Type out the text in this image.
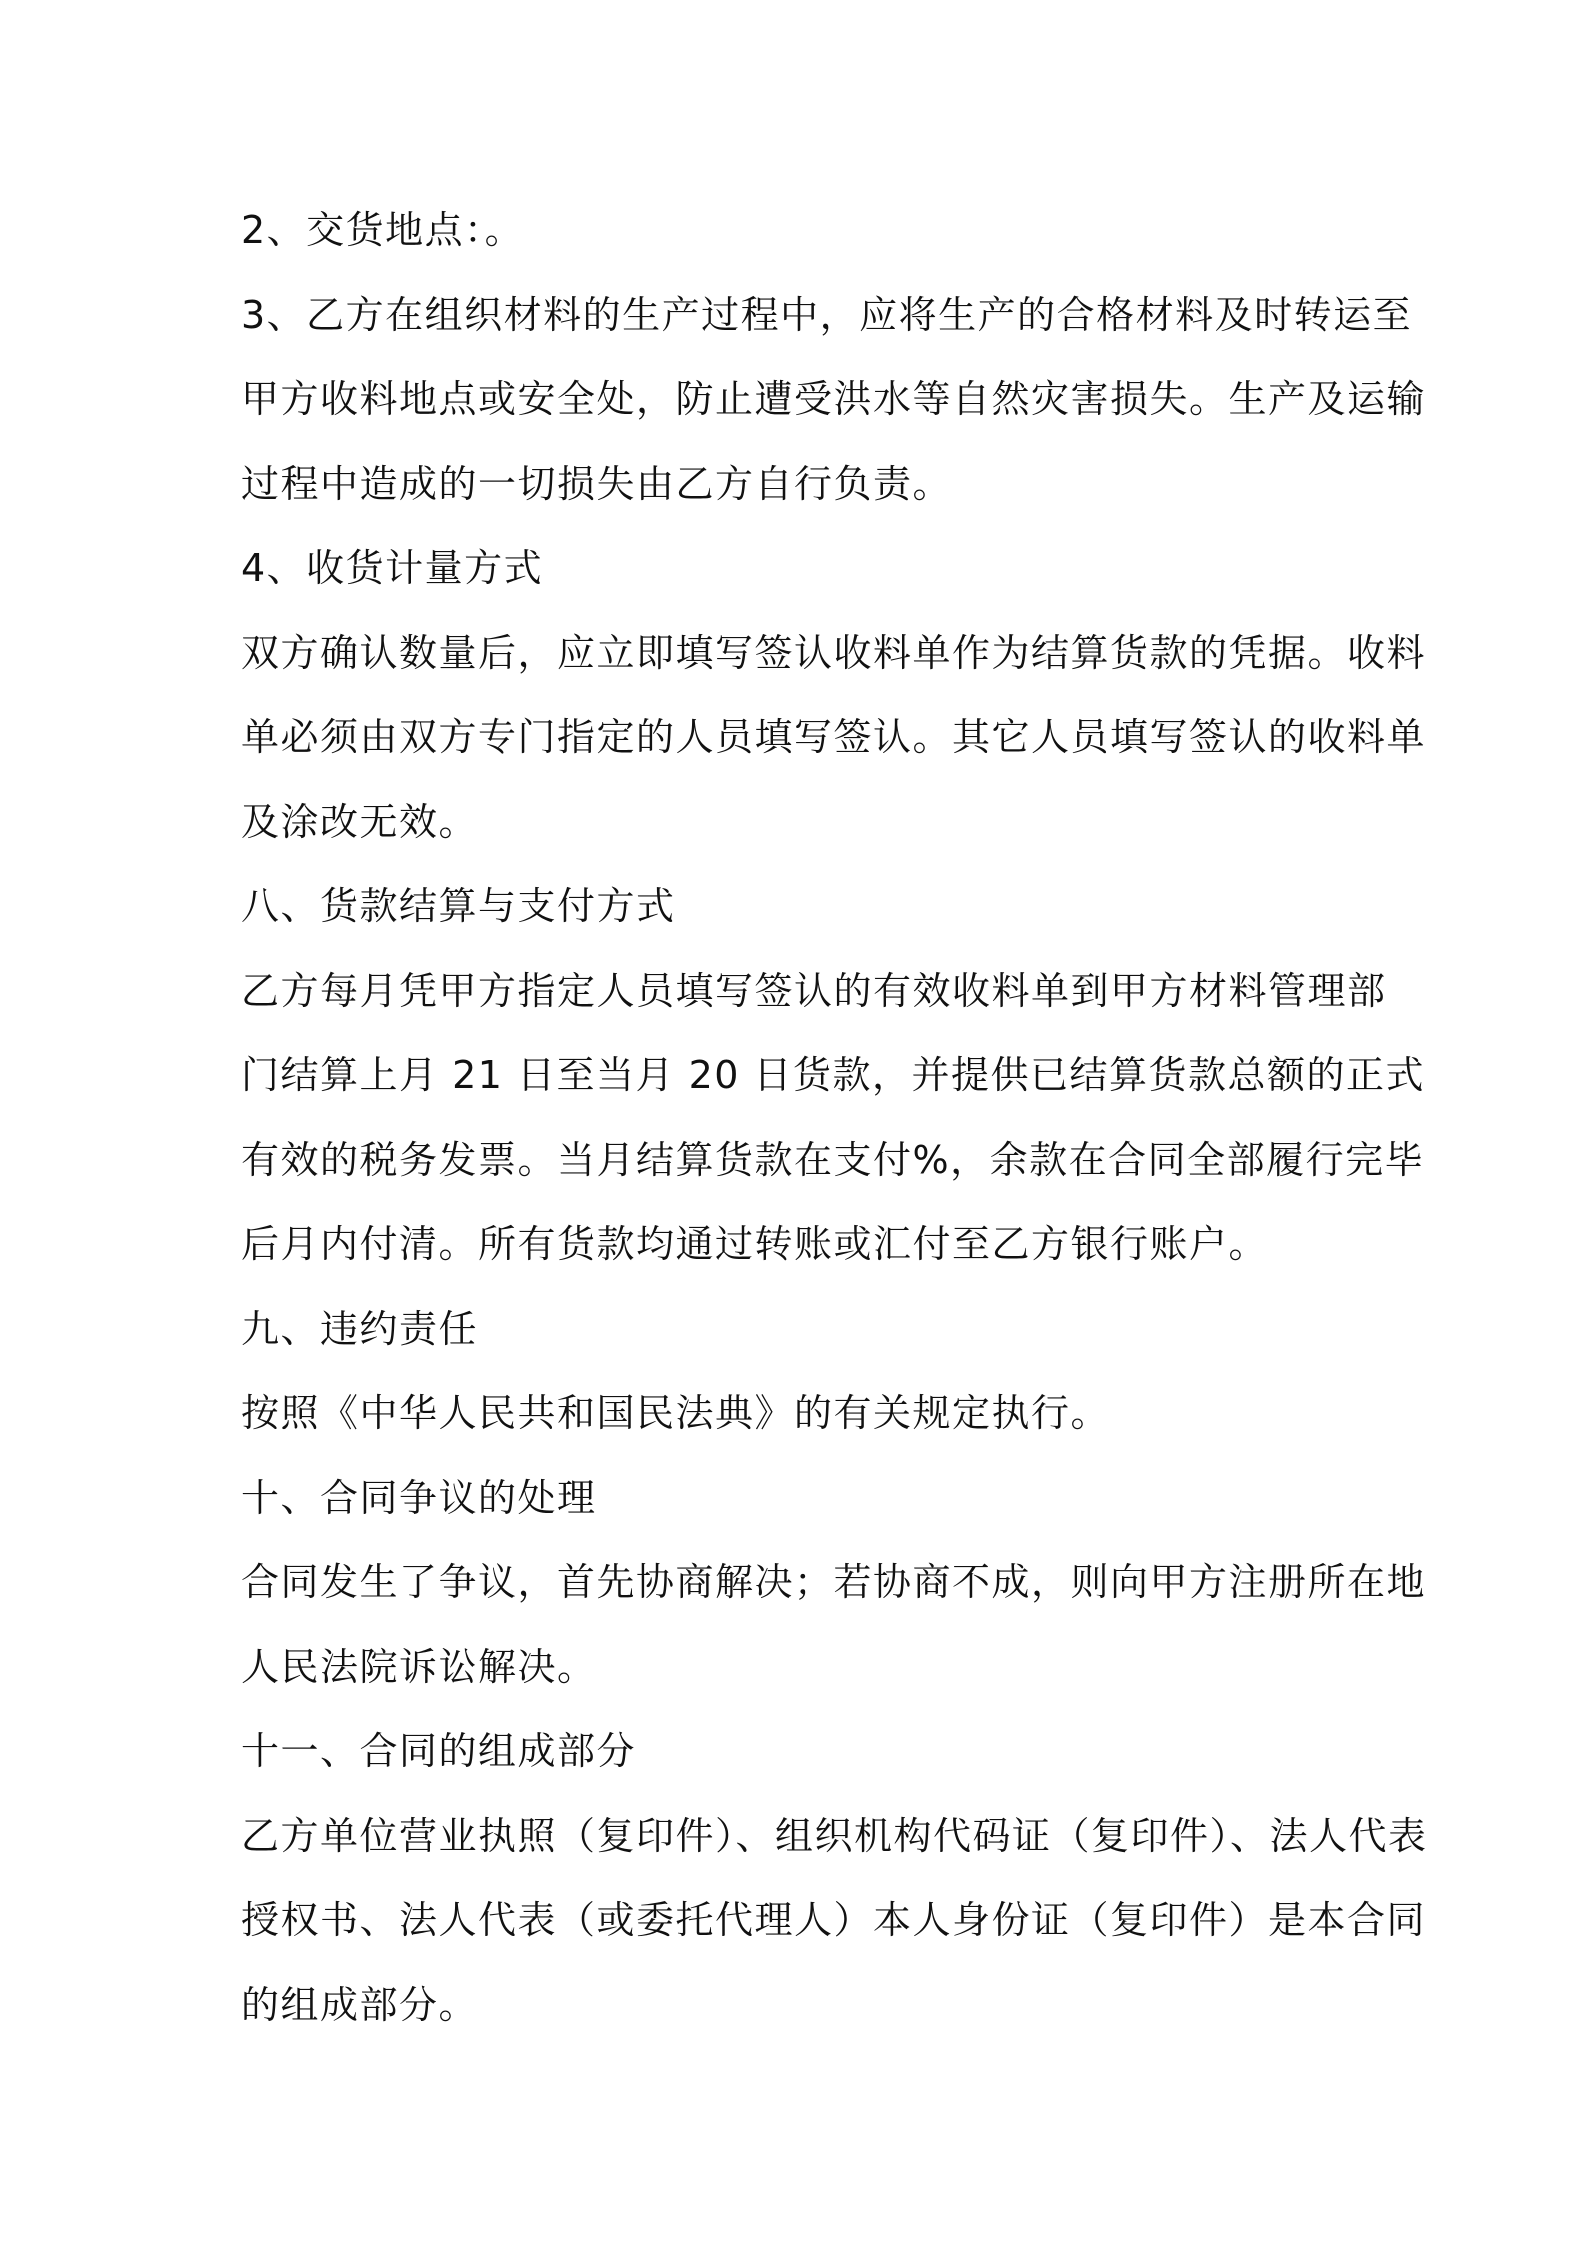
2、交货地点：。
3、乙方在组织材料的生产过程中，应将生产的合格材料及时转运至
甲方收料地点或安全处，防止遭受洪水等自然灾害损失。生产及运输
过程中造成的一切损失由乙方自行负责。
4、收货计量方式
双方确认数量后，应立即填写签认收料单作为结算货款的凭据。收料
单必须由双方专门指定的人员填写签认。其它人员填写签认的收料单
及涂改无效。
八、货款结算与支付方式
乙方每月凭甲方指定人员填写签认的有效收料单到甲方材料管理部
门结算上月 21 日至当月 20 日货款，并提供已结算货款总额的正式
有效的税务发票。当月结算货款在支付%，余款在合同全部履行完毕
后月内付清。所有货款均通过转账或汇付至乙方银行账户。
九、违约责任
按照《中华人民共和国民法典》的有关规定执行。
十、合同争议的处理
合同发生了争议，首先协商解决；若协商不成，则向甲方注册所在地
人民法院诉讼解决。
十一、合同的组成部分
乙方单位营业执照（复印件）、组织机构代码证（复印件）、法人代表
授权书、法人代表（或委托代理人）本人身份证（复印件）是本合同
的组成部分。
